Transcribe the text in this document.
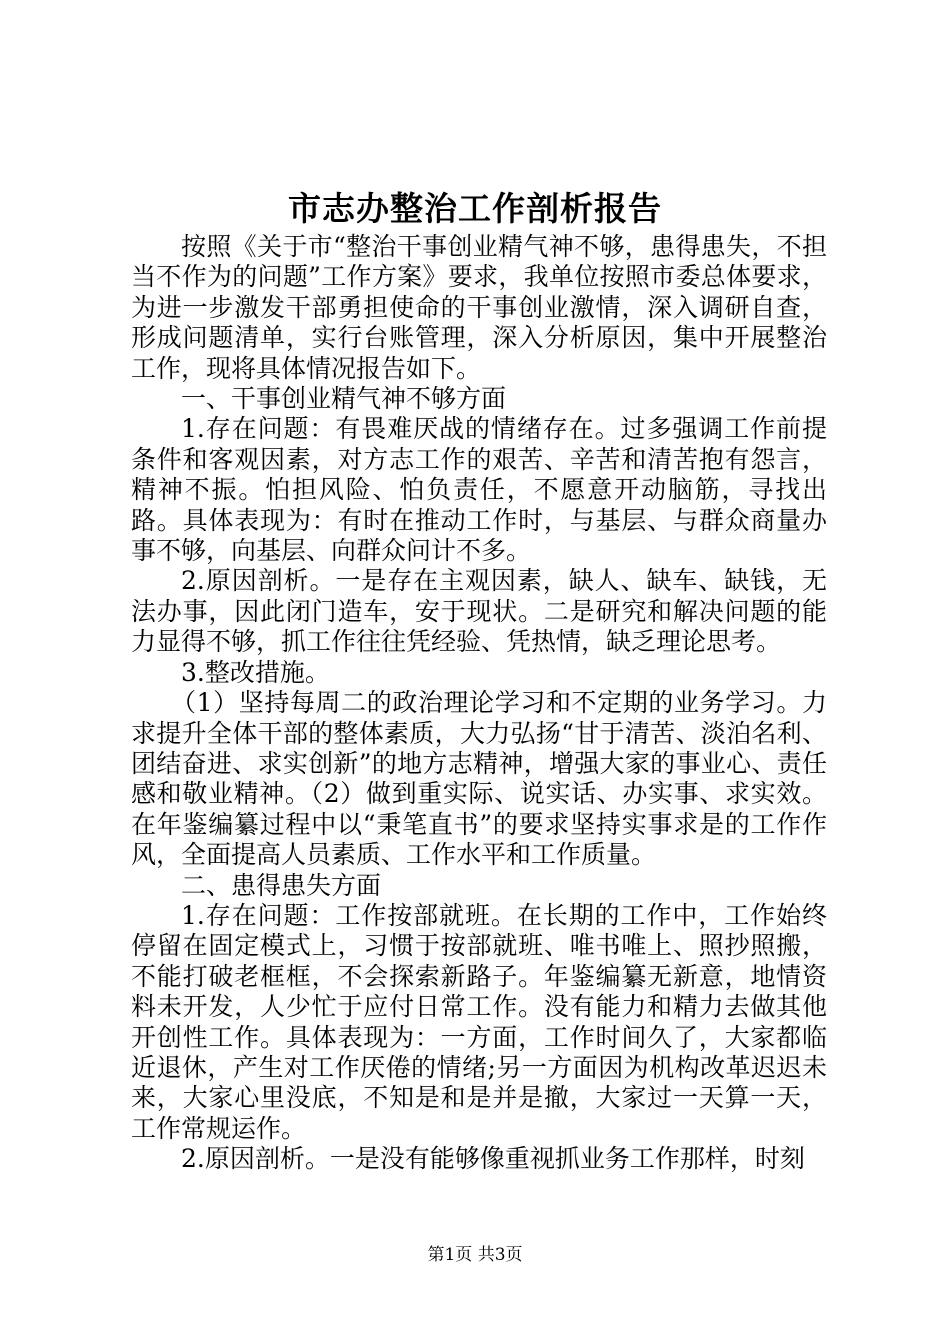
市志办整治工作剖析报告

按照《关于市“整治干事创业精气神不够，患得患失，不担当不作为的问题”工作方案》要求，我单位按照市委总体要求，为进一步激发干部勇担使命的干事创业激情，深入调研自查，形成问题清单，实行台账管理，深入分析原因，集中开展整治工作，现将具体情况报告如下。

一、干事创业精气神不够方面

1.存在问题：有畏难厌战的情绪存在。过多强调工作前提条件和客观因素，对方志工作的艰苦、辛苦和清苦抱有怨言，精神不振。怕担风险、怕负责任，不愿意开动脑筋，寻找出路。具体表现为：有时在推动工作时，与基层、与群众商量办事不够，向基层、向群众问计不多。

2.原因剖析。一是存在主观因素，缺人、缺车、缺钱，无法办事，因此闭门造车，安于现状。二是研究和解决问题的能力显得不够，抓工作往往凭经验、凭热情，缺乏理论思考。

3.整改措施。

（1）坚持每周二的政治理论学习和不定期的业务学习。力求提升全体干部的整体素质，大力弘扬“甘于清苦、淡泊名利、团结奋进、求实创新”的地方志精神，增强大家的事业心、责任感和敬业精神。（2）做到重实际、说实话、办实事、求实效。在年鉴编纂过程中以“秉笔直书”的要求坚持实事求是的工作作风，全面提高人员素质、工作水平和工作质量。

二、患得患失方面

1.存在问题：工作按部就班。在长期的工作中，工作始终停留在固定模式上，习惯于按部就班、唯书唯上、照抄照搬，不能打破老框框，不会探索新路子。年鉴编纂无新意，地情资料未开发，人少忙于应付日常工作。没有能力和精力去做其他开创性工作。具体表现为：一方面，工作时间久了，大家都临近退休，产生对工作厌倦的情绪;另一方面因为机构改革迟迟未来，大家心里没底，不知是和是并是撤，大家过一天算一天，工作常规运作。

2.原因剖析。一是没有能够像重视抓业务工作那样，时刻

第1页 共3页
